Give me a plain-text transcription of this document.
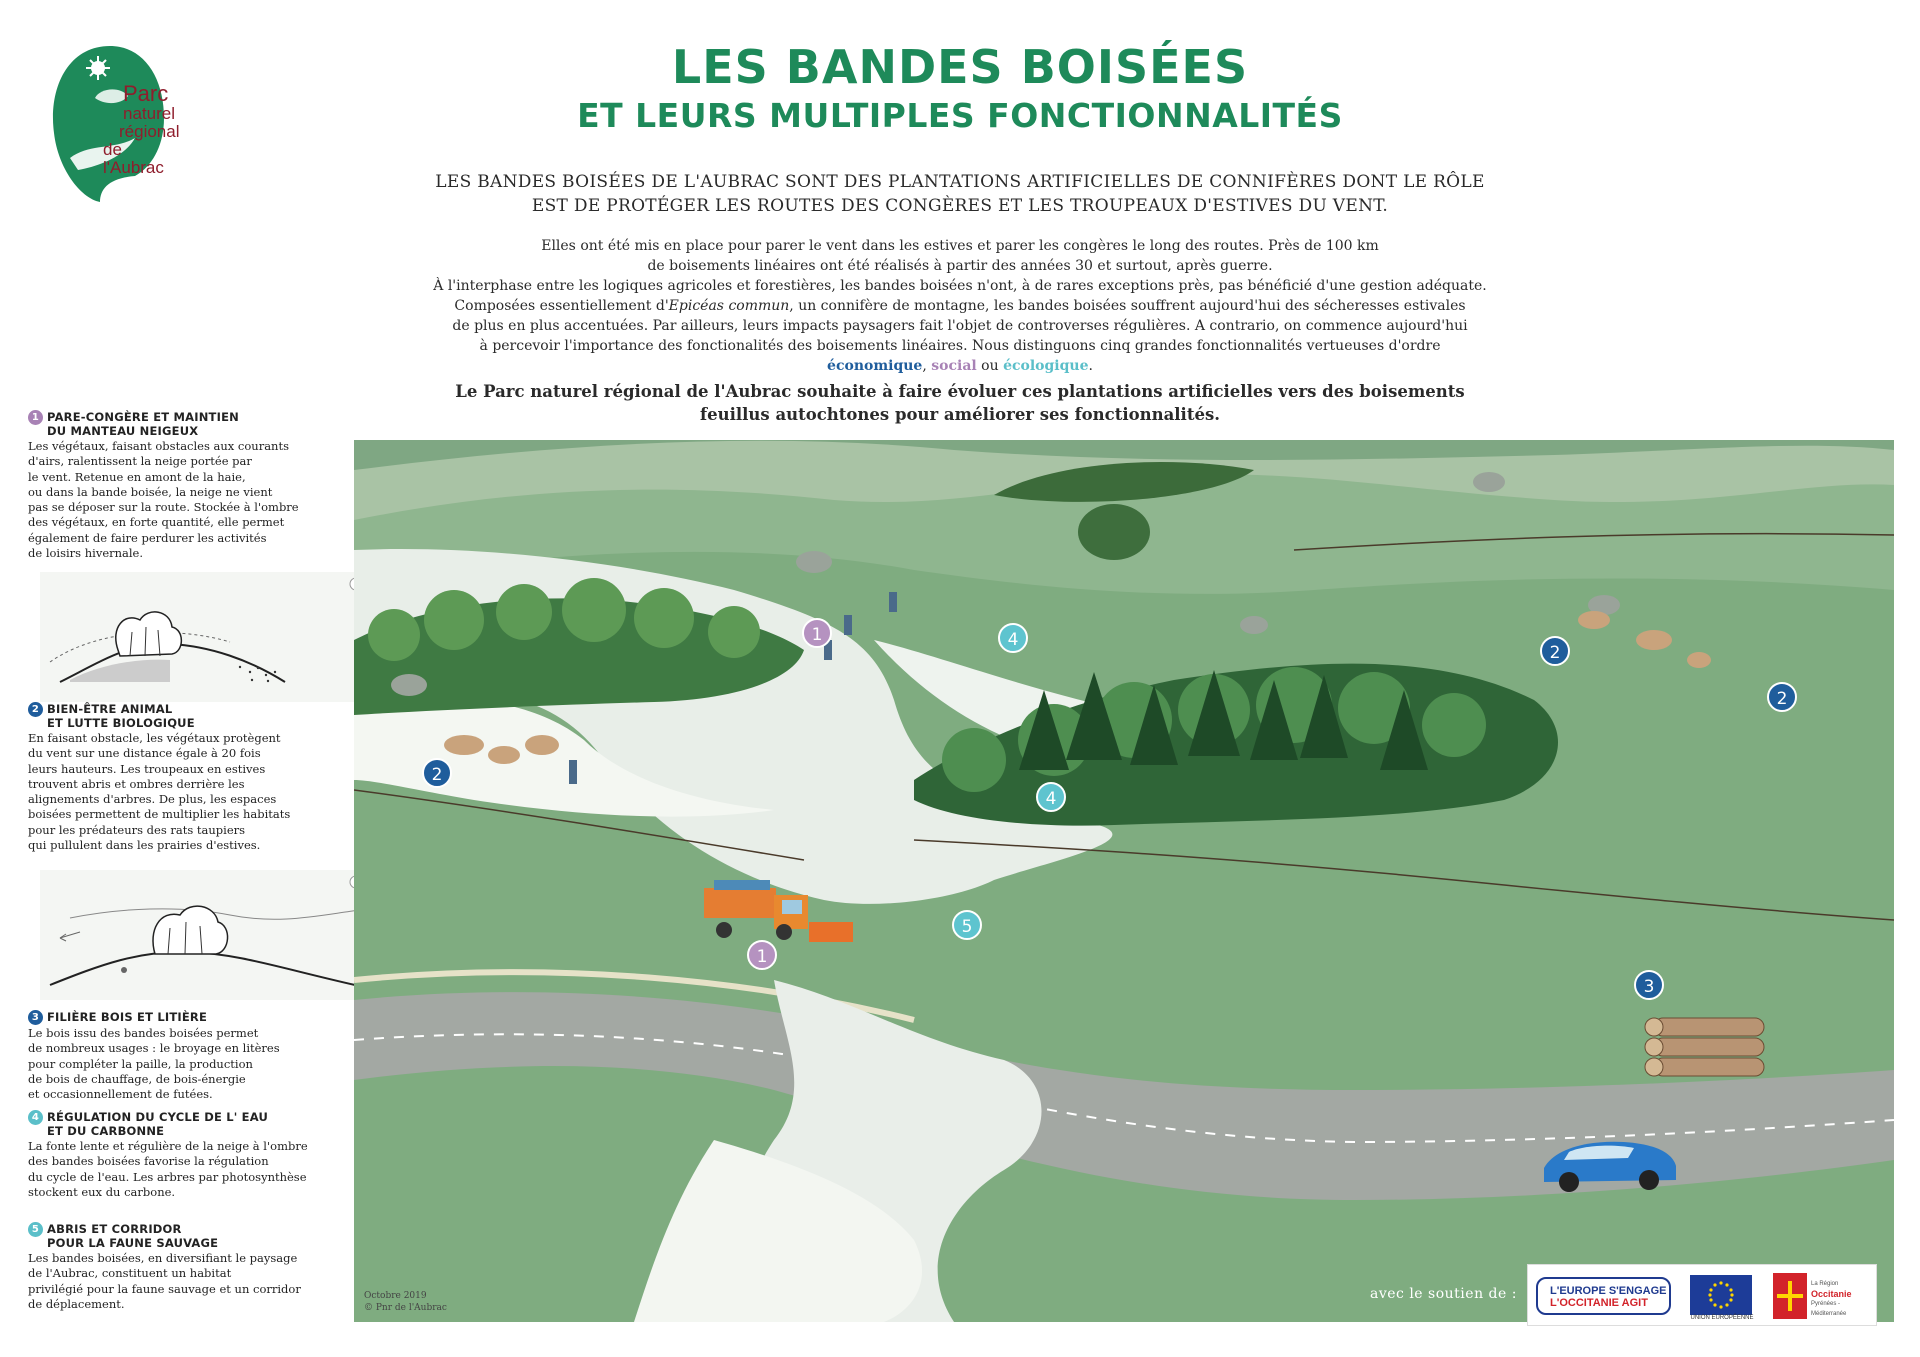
Parc
naturel
régional
de l'Aubrac
LES BANDES BOISÉES
ET LEURS MULTIPLES FONCTIONNALITÉS
LES BANDES BOISÉES DE L'AUBRAC SONT DES PLANTATIONS ARTIFICIELLES DE CONNIFÈRES DONT LE RÔLE
EST DE PROTÉGER LES ROUTES DES CONGÈRES ET LES TROUPEAUX D'ESTIVES DU VENT.
Elles ont été mis en place pour parer le vent dans les estives et parer les congères le long des routes. Près de 100 km
de boisements linéaires ont été réalisés à partir des années 30 et surtout, après guerre.
À l'interphase entre les logiques agricoles et forestières, les bandes boisées n'ont, à de rares exceptions près, pas bénéficié d'une gestion adéquate.
Composées essentiellement d'Epicéas commun, un connifère de montagne, les bandes boisées souffrent aujourd'hui des sécheresses estivales
de plus en plus accentuées. Par ailleurs, leurs impacts paysagers fait l'objet de controverses régulières. A contrario, on commence aujourd'hui
à percevoir l'importance des fonctionalités des boisements linéaires. Nous distinguons cinq grandes fonctionnalités vertueuses d'ordre
économique, social ou écologique.
Le Parc naturel régional de l'Aubrac souhaite à faire évoluer ces plantations artificielles vers des boisements
feuillus autochtones pour améliorer ses fonctionnalités.
1 PARE-CONGÈRE ET MAINTIEN
DU MANTEAU NEIGEUX
Les végétaux, faisant obstacles aux courants
d'airs, ralentissent la neige portée par
le vent. Retenue en amont de la haie,
ou dans la bande boisée, la neige ne vient
pas se déposer sur la route. Stockée à l'ombre
des végétaux, en forte quantité, elle permet
également de faire perdurer les activités
de loisirs hivernale.
2 BIEN-ÊTRE ANIMAL
ET LUTTE BIOLOGIQUE
En faisant obstacle, les végétaux protègent
du vent sur une distance égale à 20 fois
leurs hauteurs. Les troupeaux en estives
trouvent abris et ombres derrière les
alignements d'arbres. De plus, les espaces
boisées permettent de multiplier les habitats
pour les prédateurs des rats taupiers
qui pullulent dans les prairies d'estives.
3 FILIÈRE BOIS ET LITIÈRE
Le bois issu des bandes boisées permet
de nombreux usages : le broyage en litères
pour compléter la paille, la production
de bois de chauffage, de bois-énergie
et occasionnellement de futées.
4 RÉGULATION DU CYCLE DE L' EAU
ET DU CARBONNE
La fonte lente et régulière de la neige à l'ombre
des bandes boisées favorise la régulation
du cycle de l'eau. Les arbres par photosynthèse
stockent eux du carbone.
5 ABRIS ET CORRIDOR
POUR LA FAUNE SAUVAGE
Les bandes boisées, en diversifiant le paysage
de l'Aubrac, constituent un habitat
privilégié pour la faune sauvage et un corridor
de déplacement.
1
1
2
2
2
3
4
4
5
Octobre 2019
© Pnr de l'Aubrac
avec le soutien de :	L'EUROPE S'ENGAGE
L'OCCITANIE AGIT
UNION EUROPÉENNE
La Région
Occitanie
Pyrénées - Méditerranée
